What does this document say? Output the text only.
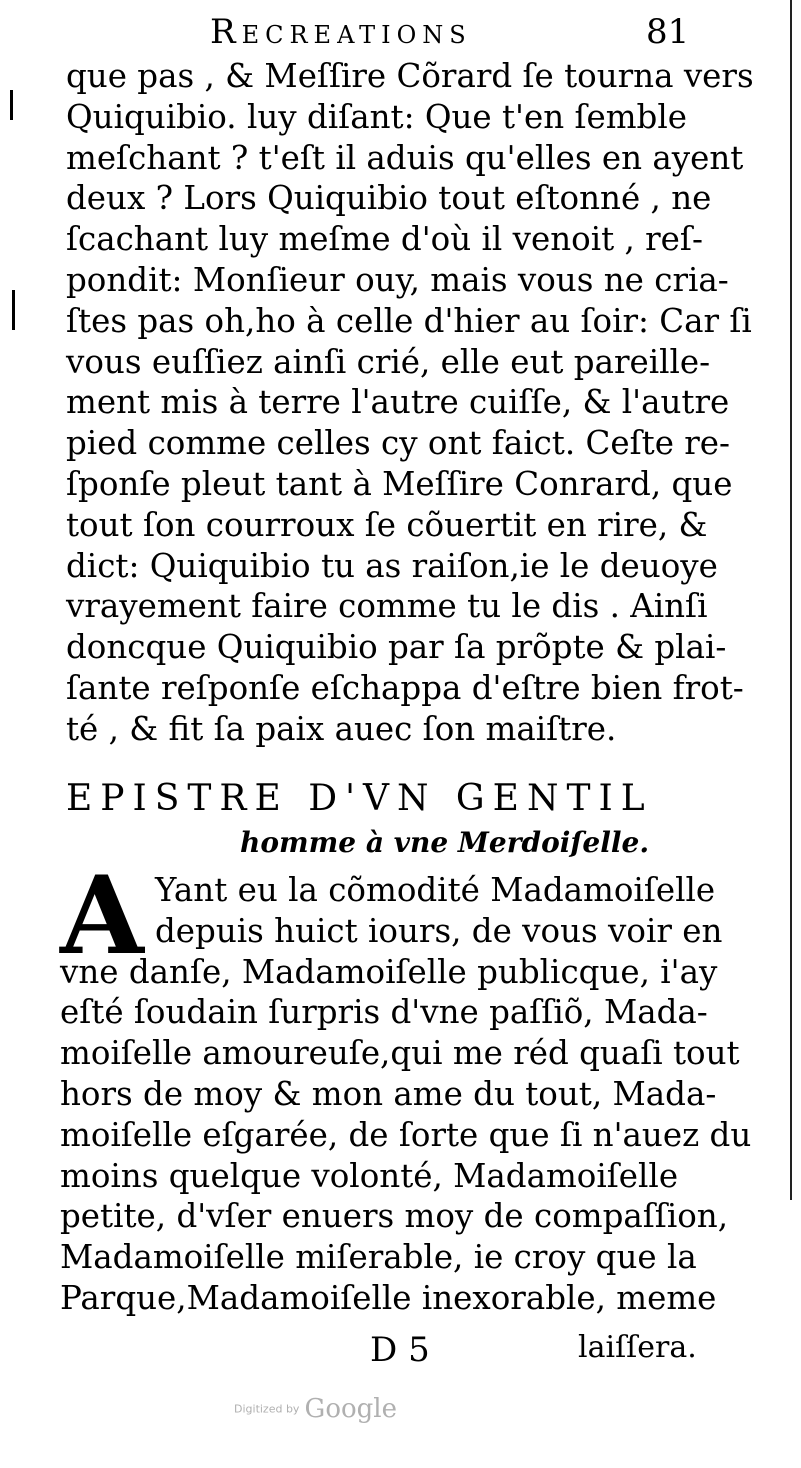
Recreations	81
que pas , & Meſſire Cõrard ſe tourna vers
Quiquibio. luy diſant: Que t'en ſemble
meſchant ? t'eſt il aduis qu'elles en ayent
deux ? Lors Quiquibio tout eſtonné , ne
ſcachant luy meſme d'où il venoit , reſ-
pondit: Monſieur ouy, mais vous ne cria-
ſtes pas oh,ho à celle d'hier au ſoir: Car ſi
vous euſſiez ainſi crié, elle eut pareille-
ment mis à terre l'autre cuiſſe, & l'autre
pied comme celles cy ont faict. Ceſte re-
ſponſe pleut tant à Meſſire Conrard, que
tout ſon courroux ſe cõuertit en rire, &
dict: Quiquibio tu as raiſon,ie le deuoye
vrayement faire comme tu le dis . Ainſi
doncque Quiquibio par ſa prõpte & plai-
ſante reſponſe eſchappa d'eſtre bien frot-
té , & fit ſa paix auec ſon maiſtre.
EPISTRE D'VN GENTIL
homme à vne Merdoiſelle.
A Yant eu la cõmodité Madamoiſelle
depuis huict iours, de vous voir en
vne danſe, Madamoiſelle publicque, i'ay
eſté ſoudain ſurpris d'vne paſſiõ, Mada-
moiſelle amoureuſe,qui me réd quaſi tout
hors de moy & mon ame du tout, Mada-
moiſelle eſgarée, de ſorte que ſi n'auez du
moins quelque volonté, Madamoiſelle
petite, d'vſer enuers moy de compaſſion,
Madamoiſelle miſerable, ie croy que la
Parque,Madamoiſelle inexorable, meme
D 5	laiſſera.
Digitized by Google
